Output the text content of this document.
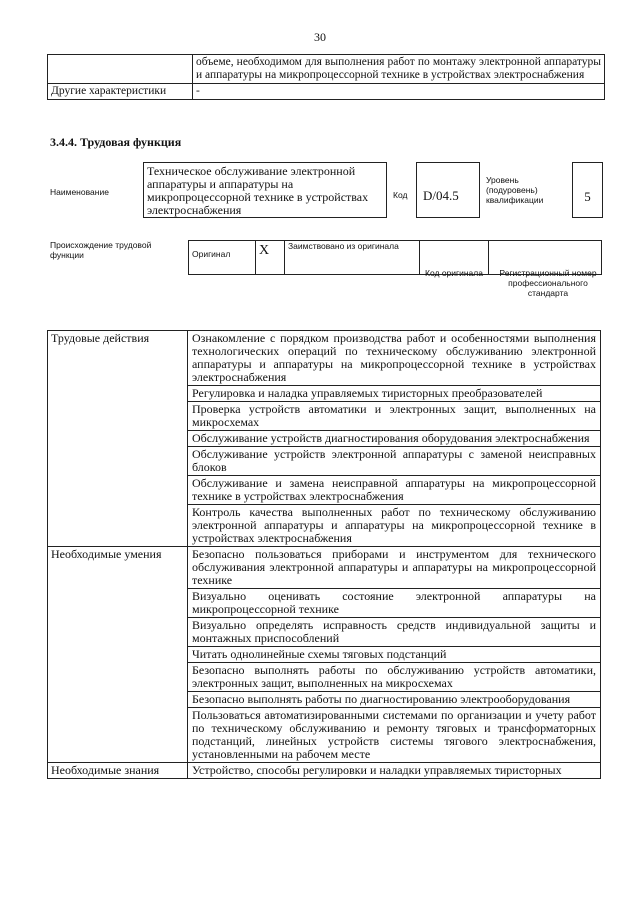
30
	объеме, необходимом для выполнения работ по монтажу электронной аппаратуры и аппаратуры на микропроцессорной технике в устройствах электроснабжения
Другие характеристики	-
3.4.4. Трудовая функция
Наименование
Техническое обслуживание электронной аппаратуры и аппаратуры на микропроцессорной технике в устройствах электроснабжения
Код	D/04.5
Уровень (подуровень) квалификации	5
Происхождение трудовой функции	Оригинал	X	Заимствовано из оригинала		
Код оригинала	Регистрационный номер профессионального стандарта
Трудовые действия	Ознакомление с порядком производства работ и особенностями выполнения технологических операций по техническому обслуживанию электронной аппаратуры и аппаратуры на микропроцессорной технике в устройствах электроснабжения
	Регулировка и наладка управляемых тиристорных преобразователей
	Проверка устройств автоматики и электронных защит, выполненных на микросхемах
	Обслуживание устройств диагностирования оборудования электроснабжения
	Обслуживание устройств электронной аппаратуры с заменой неисправных блоков
	Обслуживание и замена неисправной аппаратуры на микропроцессорной технике в устройствах электроснабжения
	Контроль качества выполненных работ по техническому обслуживанию электронной аппаратуры и аппаратуры на микропроцессорной технике в устройствах электроснабжения
Необходимые умения	Безопасно пользоваться приборами и инструментом для технического обслуживания электронной аппаратуры и аппаратуры на микропроцессорной технике
	Визуально оценивать состояние электронной аппаратуры на микропроцессорной технике
	Визуально определять исправность средств индивидуальной защиты и монтажных приспособлений
	Читать однолинейные схемы тяговых подстанций
	Безопасно выполнять работы по обслуживанию устройств автоматики, электронных защит, выполненных на микросхемах
	Безопасно выполнять работы по диагностированию электрооборудования
	Пользоваться автоматизированными системами по организации и учету работ по техническому обслуживанию и ремонту тяговых и трансформаторных подстанций, линейных устройств системы тягового электроснабжения, установленными на рабочем месте
Необходимые знания	Устройство, способы регулировки и наладки управляемых тиристорных
